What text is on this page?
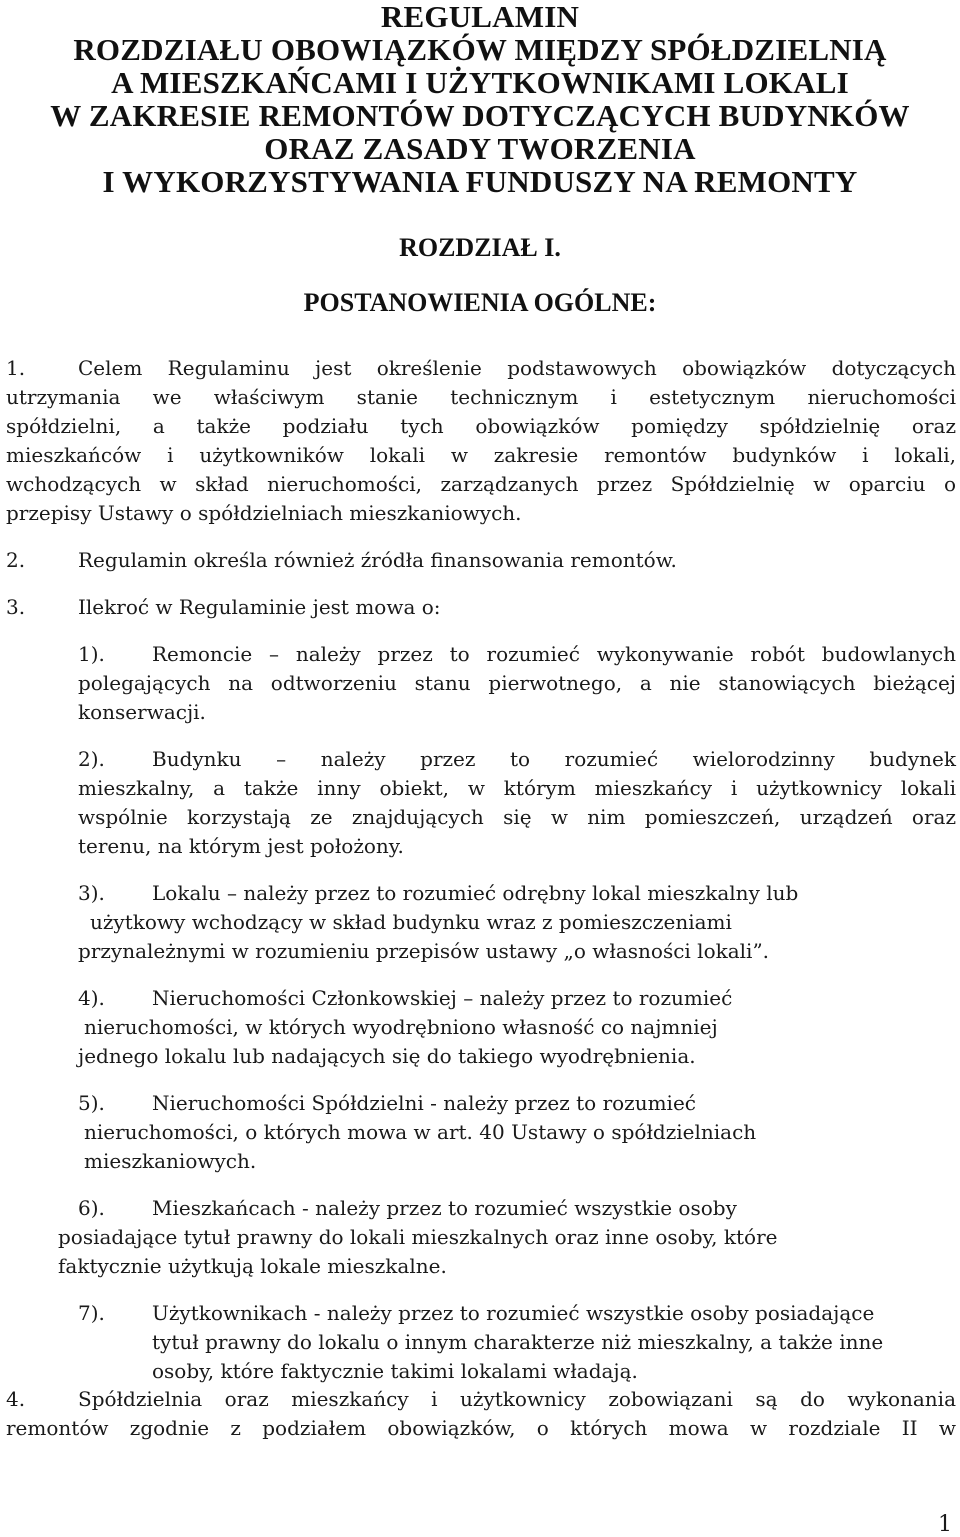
REGULAMIN
ROZDZIAŁU OBOWIĄZKÓW MIĘDZY SPÓŁDZIELNIĄ
A MIESZKAŃCAMI I UŻYTKOWNIKAMI LOKALI
W ZAKRESIE REMONTÓW DOTYCZĄCYCH BUDYNKÓW
ORAZ ZASADY TWORZENIA
I WYKORZYSTYWANIA FUNDUSZY NA REMONTY
ROZDZIAŁ I.
POSTANOWIENIA OGÓLNE:
1.	Celem Regulaminu jest określenie podstawowych obowiązków dotyczących
utrzymania we właściwym stanie technicznym i estetycznym nieruchomości
spółdzielni, a także podziału tych obowiązków pomiędzy spółdzielnię oraz
mieszkańców i użytkowników lokali w zakresie remontów budynków i lokali,
wchodzących w skład nieruchomości, zarządzanych przez Spółdzielnię w oparciu o
przepisy Ustawy o spółdzielniach mieszkaniowych.
2.	Regulamin określa również źródła finansowania remontów.
3.	Ilekroć w Regulaminie jest mowa o:
1). Remoncie – należy przez to rozumieć wykonywanie robót budowlanych
polegających na odtworzeniu stanu pierwotnego, a nie stanowiących bieżącej
konserwacji.
2). Budynku – należy przez to rozumieć wielorodzinny budynek
mieszkalny, a także inny obiekt, w którym mieszkańcy i użytkownicy lokali
wspólnie korzystają ze znajdujących się w nim pomieszczeń, urządzeń oraz
terenu, na którym jest położony.
3). Lokalu – należy przez to rozumieć odrębny lokal mieszkalny lub
użytkowy wchodzący w skład budynku wraz z pomieszczeniami
przynależnymi w rozumieniu przepisów ustawy „o własności lokali”.
4). Nieruchomości Członkowskiej – należy przez to rozumieć
nieruchomości, w których wyodrębniono własność co najmniej
jednego lokalu lub nadających się do takiego wyodrębnienia.
5). Nieruchomości Spółdzielni - należy przez to rozumieć
nieruchomości, o których mowa w art. 40 Ustawy o spółdzielniach
mieszkaniowych.
6). Mieszkańcach - należy przez to rozumieć wszystkie osoby
posiadające tytuł prawny do lokali mieszkalnych oraz inne osoby, które
faktycznie użytkują lokale mieszkalne.
7). Użytkownikach - należy przez to rozumieć wszystkie osoby posiadające
tytuł prawny do lokalu o innym charakterze niż mieszkalny, a także inne
osoby, które faktycznie takimi lokalami władają.
4.	Spółdzielnia oraz mieszkańcy i użytkownicy zobowiązani są do wykonania
remontów zgodnie z podziałem obowiązków, o których mowa w rozdziale II w
1
